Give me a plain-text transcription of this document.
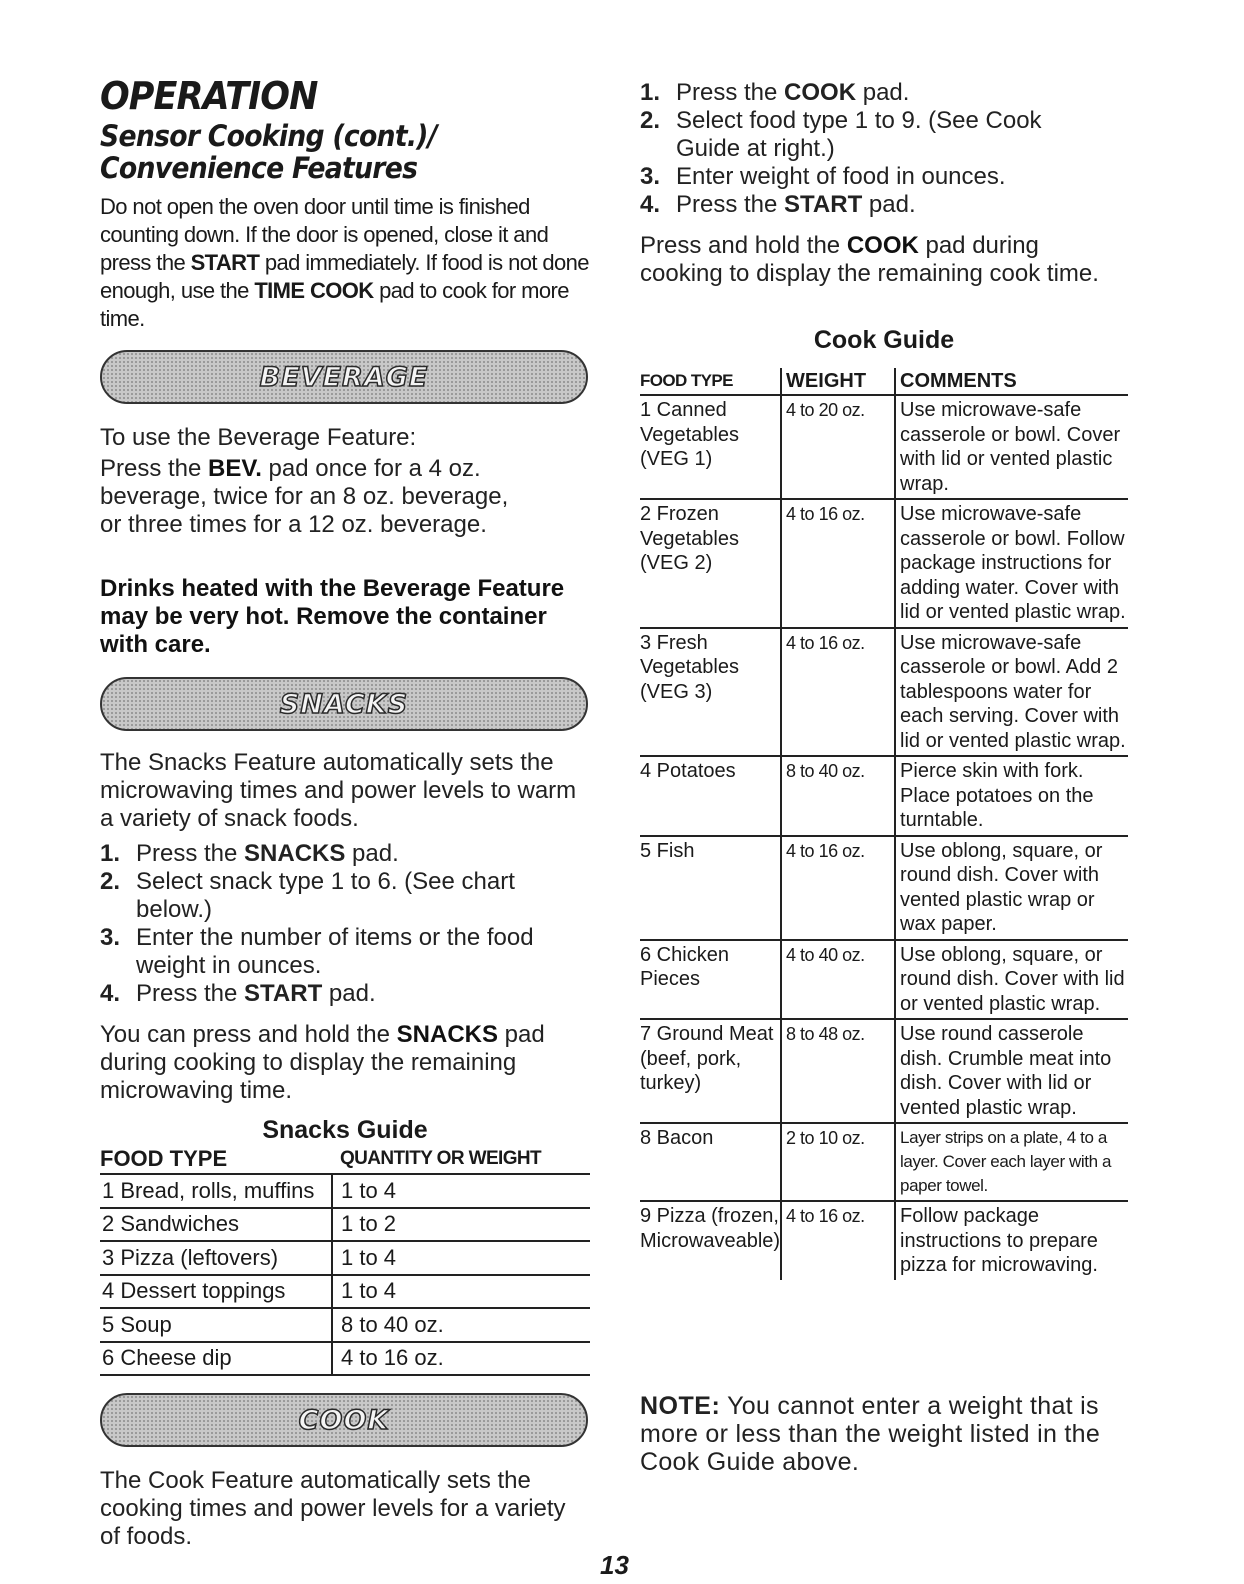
OPERATION
Sensor Cooking (cont.)/
Convenience Features

Do not open the oven door until time is finished counting down. If the door is opened, close it and press the START pad immediately. If food is not done enough, use the TIME COOK pad to cook for more time.

BEVERAGE

To use the Beverage Feature:

Press the BEV. pad once for a 4 oz. beverage, twice for an 8 oz. beverage, or three times for a 12 oz. beverage.

Drinks heated with the Beverage Feature may be very hot. Remove the container with care.

SNACKS

The Snacks Feature automatically sets the microwaving times and power levels to warm a variety of snack foods.

1. Press the SNACKS pad.
2. Select snack type 1 to 6. (See chart below.)
3. Enter the number of items or the food weight in ounces.
4. Press the START pad.

You can press and hold the SNACKS pad during cooking to display the remaining microwaving time.

Snacks Guide

FOOD TYPE	QUANTITY OR WEIGHT
1 Bread, rolls, muffins	1 to 4
2 Sandwiches	1 to 2
3 Pizza (leftovers)	1 to 4
4 Dessert toppings	1 to 4
5 Soup	8 to 40 oz.
6 Cheese dip	4 to 16 oz.
COOK

The Cook Feature automatically sets the cooking times and power levels for a variety of foods.

1. Press the COOK pad.
2. Select food type 1 to 9. (See Cook Guide at right.)
3. Enter weight of food in ounces.
4. Press the START pad.

Press and hold the COOK pad during cooking to display the remaining cook time.

Cook Guide

FOOD TYPE	WEIGHT	COMMENTS
1 Canned Vegetables (VEG 1)	4 to 20 oz.	Use microwave-safe casserole or bowl. Cover with lid or vented plastic wrap.
2 Frozen Vegetables (VEG 2)	4 to 16 oz.	Use microwave-safe casserole or bowl. Follow package instructions for adding water. Cover with lid or vented plastic wrap.
3 Fresh Vegetables (VEG 3)	4 to 16 oz.	Use microwave-safe casserole or bowl. Add 2 tablespoons water for each serving. Cover with lid or vented plastic wrap.
4 Potatoes	8 to 40 oz.	Pierce skin with fork. Place potatoes on the turntable.
5 Fish	4 to 16 oz.	Use oblong, square, or round dish. Cover with vented plastic wrap or wax paper.
6 Chicken Pieces	4 to 40 oz.	Use oblong, square, or round dish. Cover with lid or vented plastic wrap.
7 Ground Meat (beef, pork, turkey)	8 to 48 oz.	Use round casserole dish. Crumble meat into dish. Cover with lid or vented plastic wrap.
8 Bacon	2 to 10 oz.	Layer strips on a plate, 4 to a layer. Cover each layer with a paper towel.
9 Pizza (frozen, Microwaveable)	4 to 16 oz.	Follow package instructions to prepare pizza for microwaving.

NOTE: You cannot enter a weight that is more or less than the weight listed in the Cook Guide above.

13
